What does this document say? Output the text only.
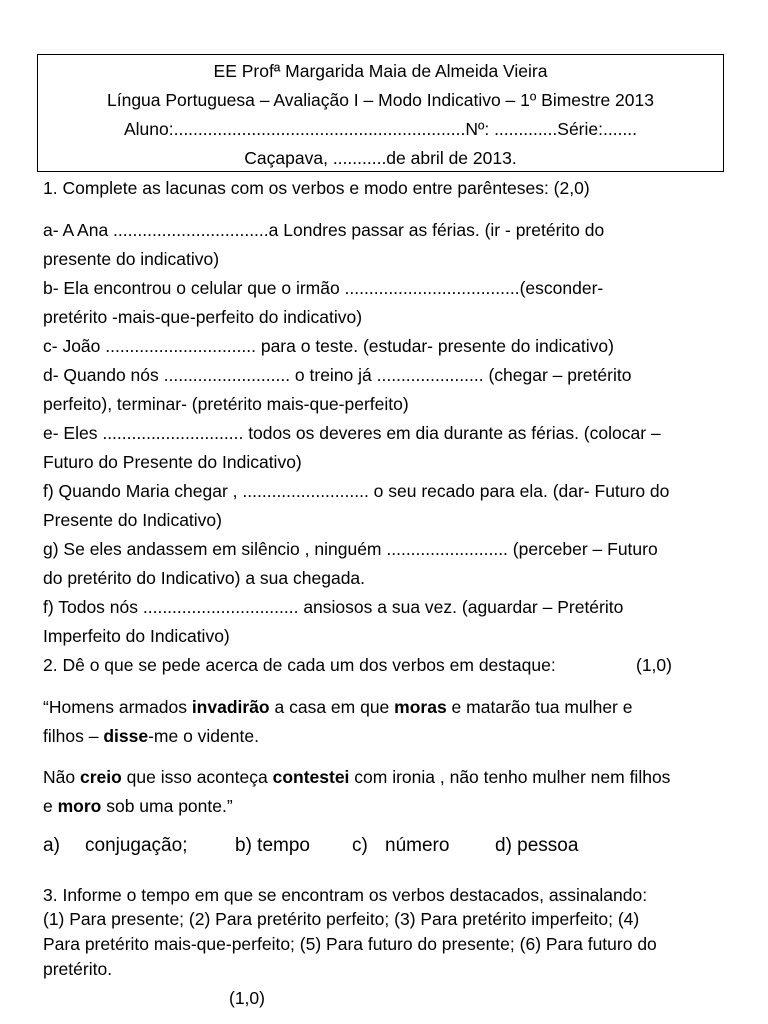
EE Profª Margarida Maia de Almeida Vieira
Língua Portuguesa – Avaliação I – Modo Indicativo – 1º Bimestre 2013
Aluno:............................................................Nº: .............Série:.......
Caçapava, ...........de abril de 2013.
1. Complete as lacunas com os verbos e modo entre parênteses: (2,0)
a- A Ana ................................a Londres passar as férias. (ir - pretérito do
presente do indicativo)
b- Ela encontrou o celular que o irmão ....................................(esconder-
pretérito -mais-que-perfeito do indicativo)
c- João ............................... para o teste. (estudar- presente do indicativo)
d- Quando nós .......................... o treino já ...................... (chegar – pretérito
perfeito), terminar- (pretérito mais-que-perfeito)
e- Eles ............................. todos os deveres em dia durante as férias. (colocar –
Futuro do Presente do Indicativo)
f) Quando Maria chegar , .......................... o seu recado para ela. (dar- Futuro do
Presente do Indicativo)
g) Se eles andassem em silêncio , ninguém ......................... (perceber – Futuro
do pretérito do Indicativo) a sua chegada.
f) Todos nós ................................ ansiosos a sua vez. (aguardar – Pretérito
Imperfeito do Indicativo)
2. Dê o que se pede acerca de cada um dos verbos em destaque:	(1,0)
“Homens armados invadirão a casa em que moras e matarão tua mulher e
filhos – disse-me o vidente.
Não creio que isso aconteça contestei com ironia , não tenho mulher nem filhos
e moro sob uma ponte.”
a) conjugação;	b) tempo c) número d) pessoa
3. Informe o tempo em que se encontram os verbos destacados, assinalando:
(1) Para presente; (2) Para pretérito perfeito; (3) Para pretérito imperfeito; (4)
Para pretérito mais-que-perfeito; (5) Para futuro do presente; (6) Para futuro do
pretérito.
(1,0)
